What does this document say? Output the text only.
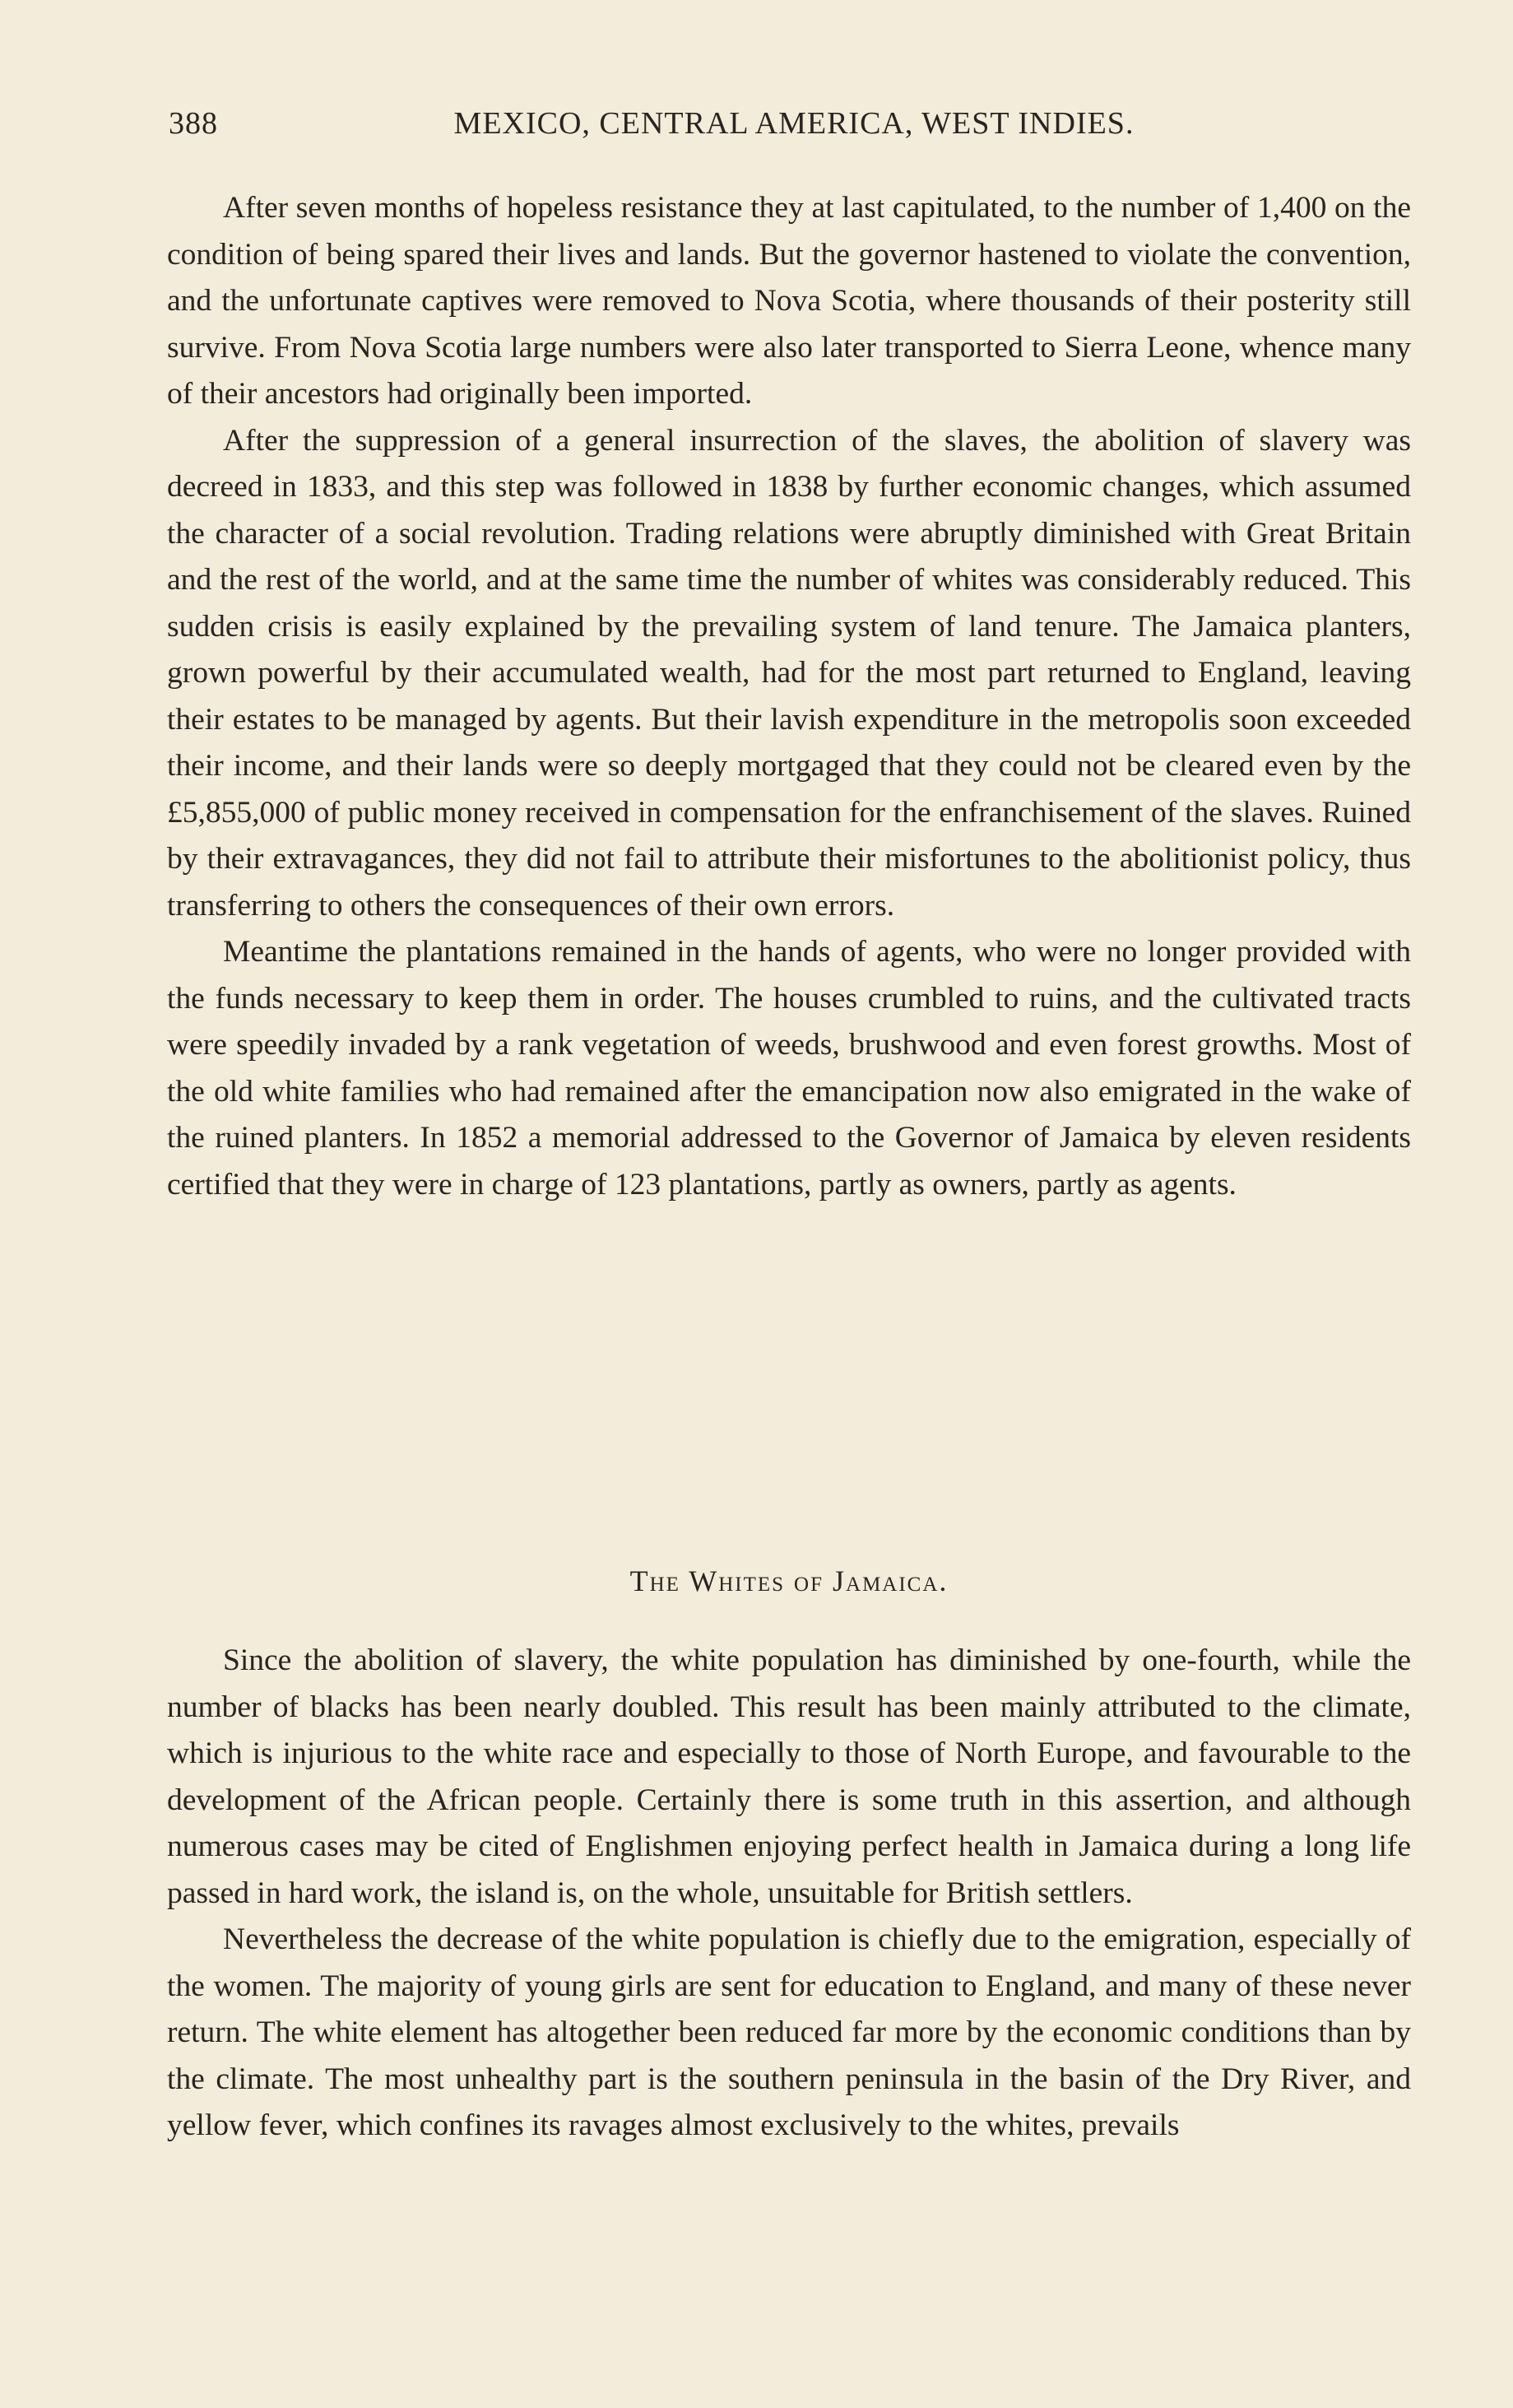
388	MEXICO, CENTRAL AMERICA, WEST INDIES.

After seven months of hopeless resistance they at last capitulated, to the number of 1,400 on the condition of being spared their lives and lands. But the governor hastened to violate the convention, and the unfortunate captives were removed to Nova Scotia, where thousands of their posterity still survive. From Nova Scotia large numbers were also later transported to Sierra Leone, whence many of their ancestors had originally been imported.

After the suppression of a general insurrection of the slaves, the abolition of slavery was decreed in 1833, and this step was followed in 1838 by further economic changes, which assumed the character of a social revolution. Trading relations were abruptly diminished with Great Britain and the rest of the world, and at the same time the number of whites was considerably reduced. This sudden crisis is easily explained by the prevailing system of land tenure. The Jamaica planters, grown powerful by their accumulated wealth, had for the most part returned to England, leaving their estates to be managed by agents. But their lavish expenditure in the metropolis soon exceeded their income, and their lands were so deeply mortgaged that they could not be cleared even by the £5,855,000 of public money received in compensation for the enfranchisement of the slaves. Ruined by their extravagances, they did not fail to attribute their misfortunes to the abolitionist policy, thus transferring to others the consequences of their own errors.

Meantime the plantations remained in the hands of agents, who were no longer provided with the funds necessary to keep them in order. The houses crumbled to ruins, and the cultivated tracts were speedily invaded by a rank vegetation of weeds, brushwood and even forest growths. Most of the old white families who had remained after the emancipation now also emigrated in the wake of the ruined planters. In 1852 a memorial addressed to the Governor of Jamaica by eleven residents certified that they were in charge of 123 plantations, partly as owners, partly as agents.

The Whites of Jamaica.

Since the abolition of slavery, the white population has diminished by one-fourth, while the number of blacks has been nearly doubled. This result has been mainly attributed to the climate, which is injurious to the white race and especially to those of North Europe, and favourable to the development of the African people. Certainly there is some truth in this assertion, and although numerous cases may be cited of Englishmen enjoying perfect health in Jamaica during a long life passed in hard work, the island is, on the whole, unsuitable for British settlers.

Nevertheless the decrease of the white population is chiefly due to the emigration, especially of the women. The majority of young girls are sent for education to England, and many of these never return. The white element has altogether been reduced far more by the economic conditions than by the climate. The most unhealthy part is the southern peninsula in the basin of the Dry River, and yellow fever, which confines its ravages almost exclusively to the whites, prevails
